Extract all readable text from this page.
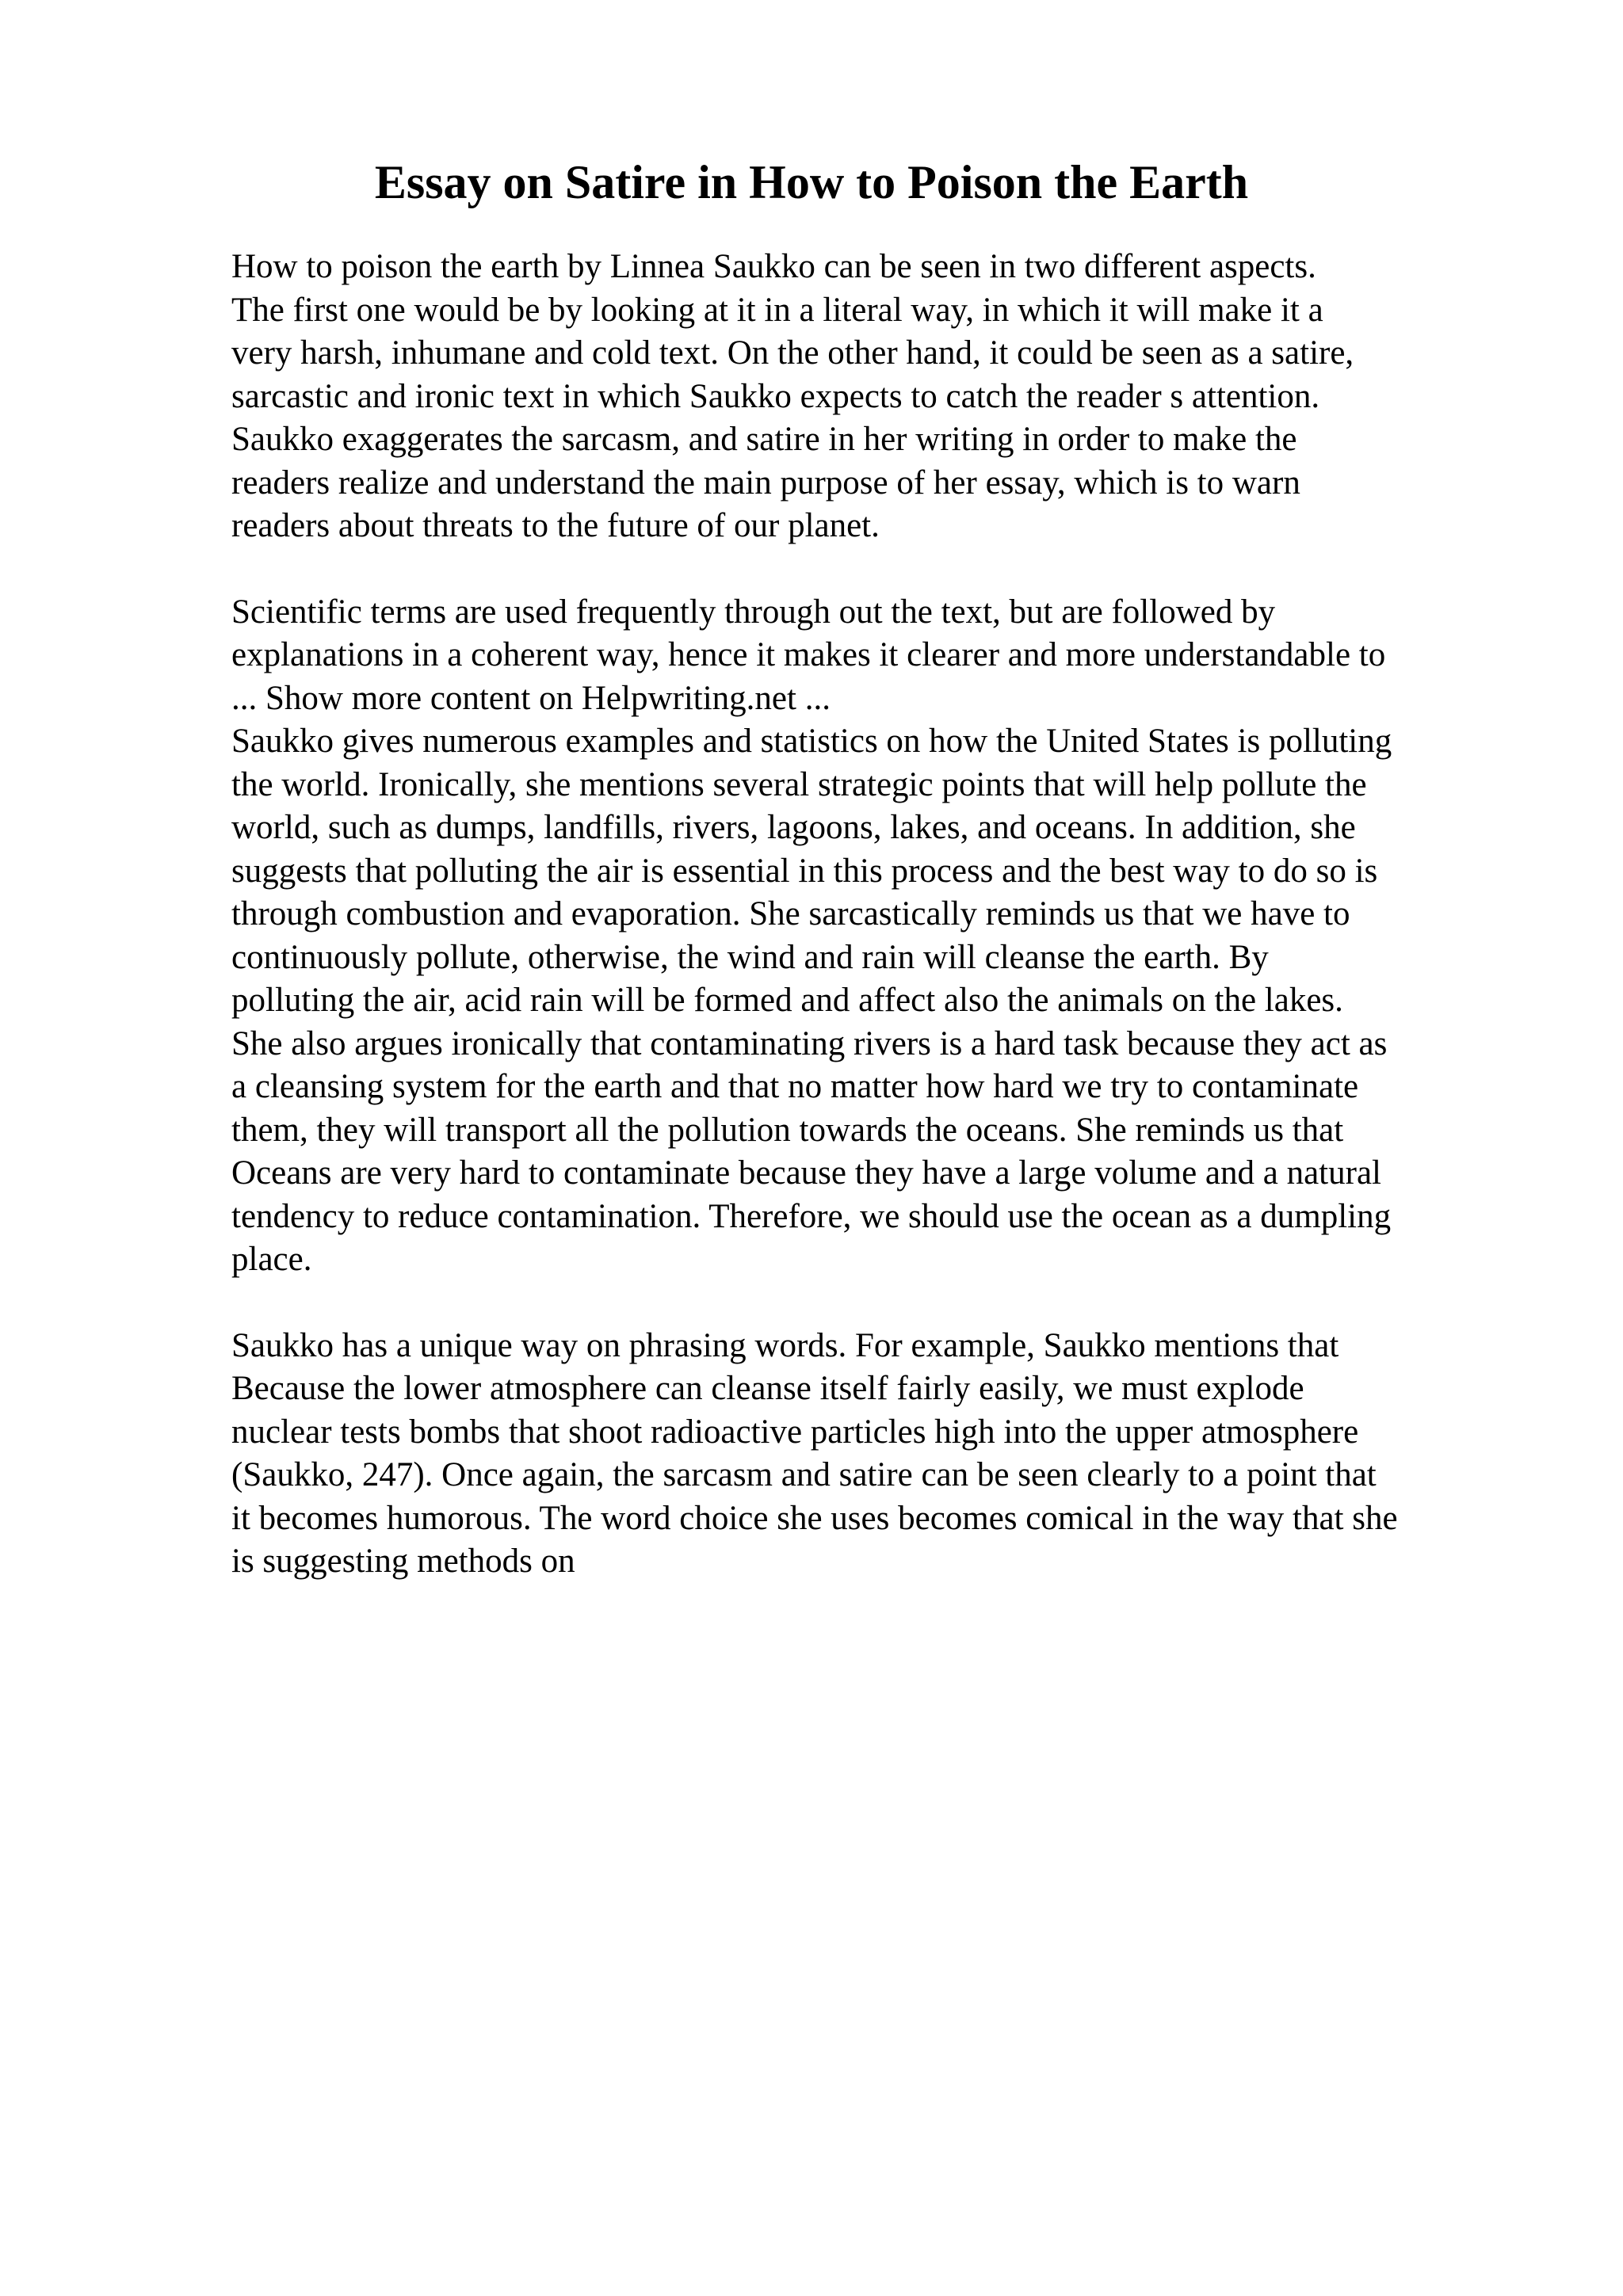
Essay on Satire in How to Poison the Earth

How to poison the earth by Linnea Saukko can be seen in two different aspects.
The first one would be by looking at it in a literal way, in which it will make it a
very harsh, inhumane and cold text. On the other hand, it could be seen as a satire,
sarcastic and ironic text in which Saukko expects to catch the reader s attention.
Saukko exaggerates the sarcasm, and satire in her writing in order to make the
readers realize and understand the main purpose of her essay, which is to warn
readers about threats to the future of our planet.

Scientific terms are used frequently through out the text, but are followed by
explanations in a coherent way, hence it makes it clearer and more understandable to
... Show more content on Helpwriting.net ...
Saukko gives numerous examples and statistics on how the United States is polluting
the world. Ironically, she mentions several strategic points that will help pollute the
world, such as dumps, landfills, rivers, lagoons, lakes, and oceans. In addition, she
suggests that polluting the air is essential in this process and the best way to do so is
through combustion and evaporation. She sarcastically reminds us that we have to
continuously pollute, otherwise, the wind and rain will cleanse the earth. By
polluting the air, acid rain will be formed and affect also the animals on the lakes.
She also argues ironically that contaminating rivers is a hard task because they act as
a cleansing system for the earth and that no matter how hard we try to contaminate
them, they will transport all the pollution towards the oceans. She reminds us that
Oceans are very hard to contaminate because they have a large volume and a natural
tendency to reduce contamination. Therefore, we should use the ocean as a dumpling
place.

Saukko has a unique way on phrasing words. For example, Saukko mentions that
Because the lower atmosphere can cleanse itself fairly easily, we must explode
nuclear tests bombs that shoot radioactive particles high into the upper atmosphere
(Saukko, 247). Once again, the sarcasm and satire can be seen clearly to a point that
it becomes humorous. The word choice she uses becomes comical in the way that she
is suggesting methods on
